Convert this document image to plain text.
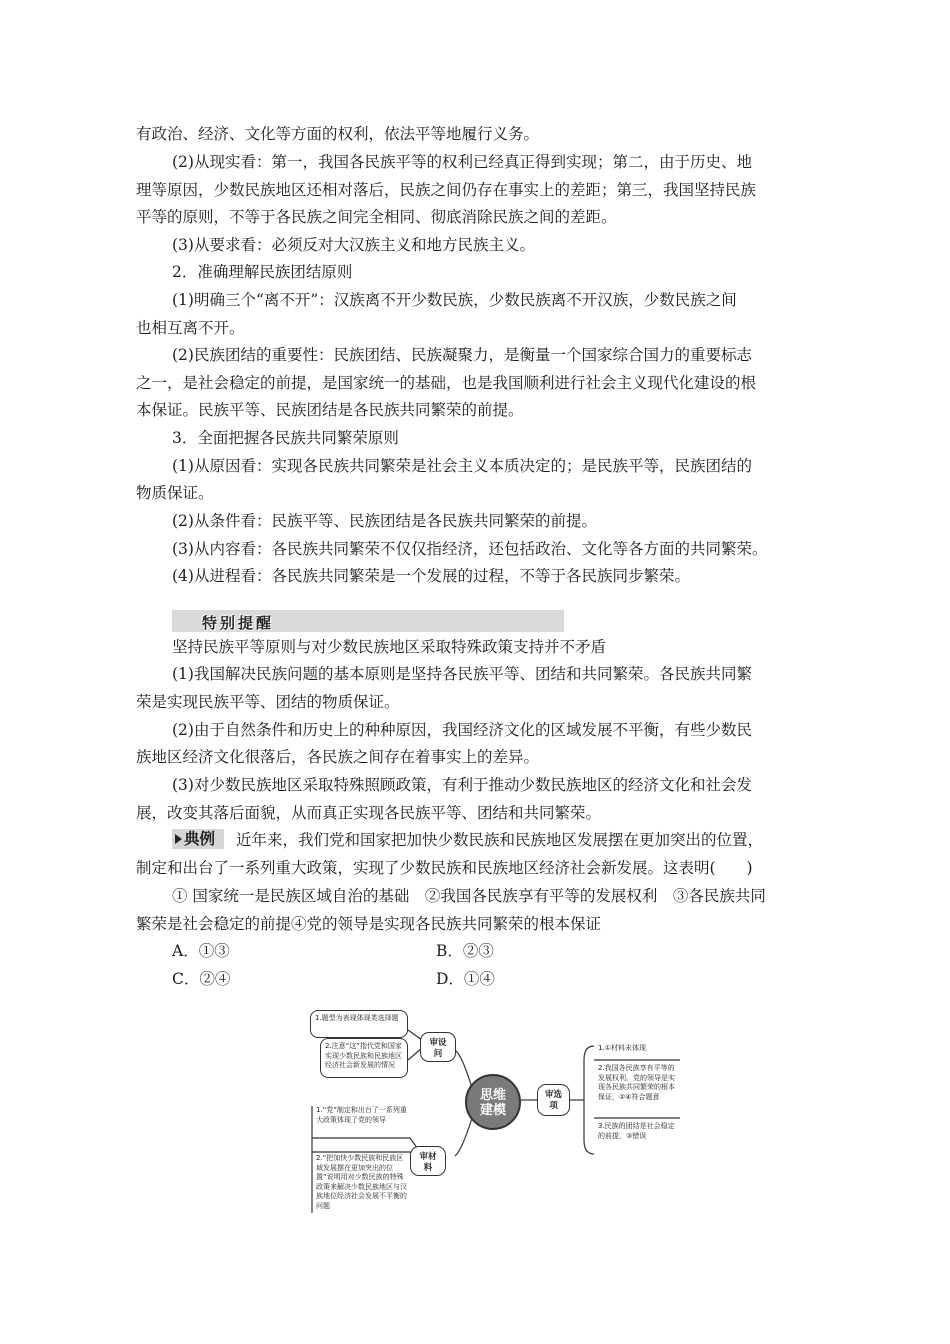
有政治、经济、文化等方面的权利，依法平等地履行义务。
(2)从现实看：第一，我国各民族平等的权利已经真正得到实现；第二，由于历史、地
理等原因，少数民族地区还相对落后，民族之间仍存在事实上的差距；第三，我国坚持民族
平等的原则，不等于各民族之间完全相同、彻底消除民族之间的差距。
(3)从要求看：必须反对大汉族主义和地方民族主义。
2．准确理解民族团结原则
(1)明确三个“离不开”：汉族离不开少数民族，少数民族离不开汉族，少数民族之间
也相互离不开。
(2)民族团结的重要性：民族团结、民族凝聚力，是衡量一个国家综合国力的重要标志
之一，是社会稳定的前提，是国家统一的基础，也是我国顺利进行社会主义现代化建设的根
本保证。民族平等、民族团结是各民族共同繁荣的前提。
3．全面把握各民族共同繁荣原则
(1)从原因看：实现各民族共同繁荣是社会主义本质决定的；是民族平等，民族团结的
物质保证。
(2)从条件看：民族平等、民族团结是各民族共同繁荣的前提。
(3)从内容看：各民族共同繁荣不仅仅指经济，还包括政治、文化等各方面的共同繁荣。
(4)从进程看：各民族共同繁荣是一个发展的过程，不等于各民族同步繁荣。
特别提醒
坚持民族平等原则与对少数民族地区采取特殊政策支持并不矛盾
(1)我国解决民族问题的基本原则是坚持各民族平等、团结和共同繁荣。各民族共同繁
荣是实现民族平等、团结的物质保证。
(2)由于自然条件和历史上的种种原因，我国经济文化的区域发展不平衡，有些少数民
族地区经济文化很落后，各民族之间存在着事实上的差异。
(3)对少数民族地区采取特殊照顾政策，有利于推动少数民族地区的经济文化和社会发
展，改变其落后面貌，从而真正实现各民族平等、团结和共同繁荣。
典例 近年来，我们党和国家把加快少数民族和民族地区发展摆在更加突出的位置，
制定和出台了一系列重大政策，实现了少数民族和民族地区经济社会新发展。这表明(　　)
① 国家统一是民族区域自治的基础　②我国各民族享有平等的发展权利　③各民族共同
繁荣是社会稳定的前提④党的领导是实现各民族共同繁荣的根本保证
A．①③	B．②③
C．②④	D．①④
1.题型为表现体现类选择题
2.注意“这”指代党和国家实现少数民族和民族地区经济社会新发展的情况
审设
问
审材
料
审选
项
思维
建模
1.“党”制定和出台了一系列重大政策体现了党的领导
2.“把加快少数民族和民族区域发展摆在更加突出的位置”说明用对少数民族的特殊政策来解决少数民族地区与汉族地位经济社会发展不平衡的问题
1.①材料未体现
2.我国各民族享有平等的发展权利，党的领导是实现各民族共同繁荣的根本保证，②④符合题意
3.民族的团结是社会稳定的前提，③错误
